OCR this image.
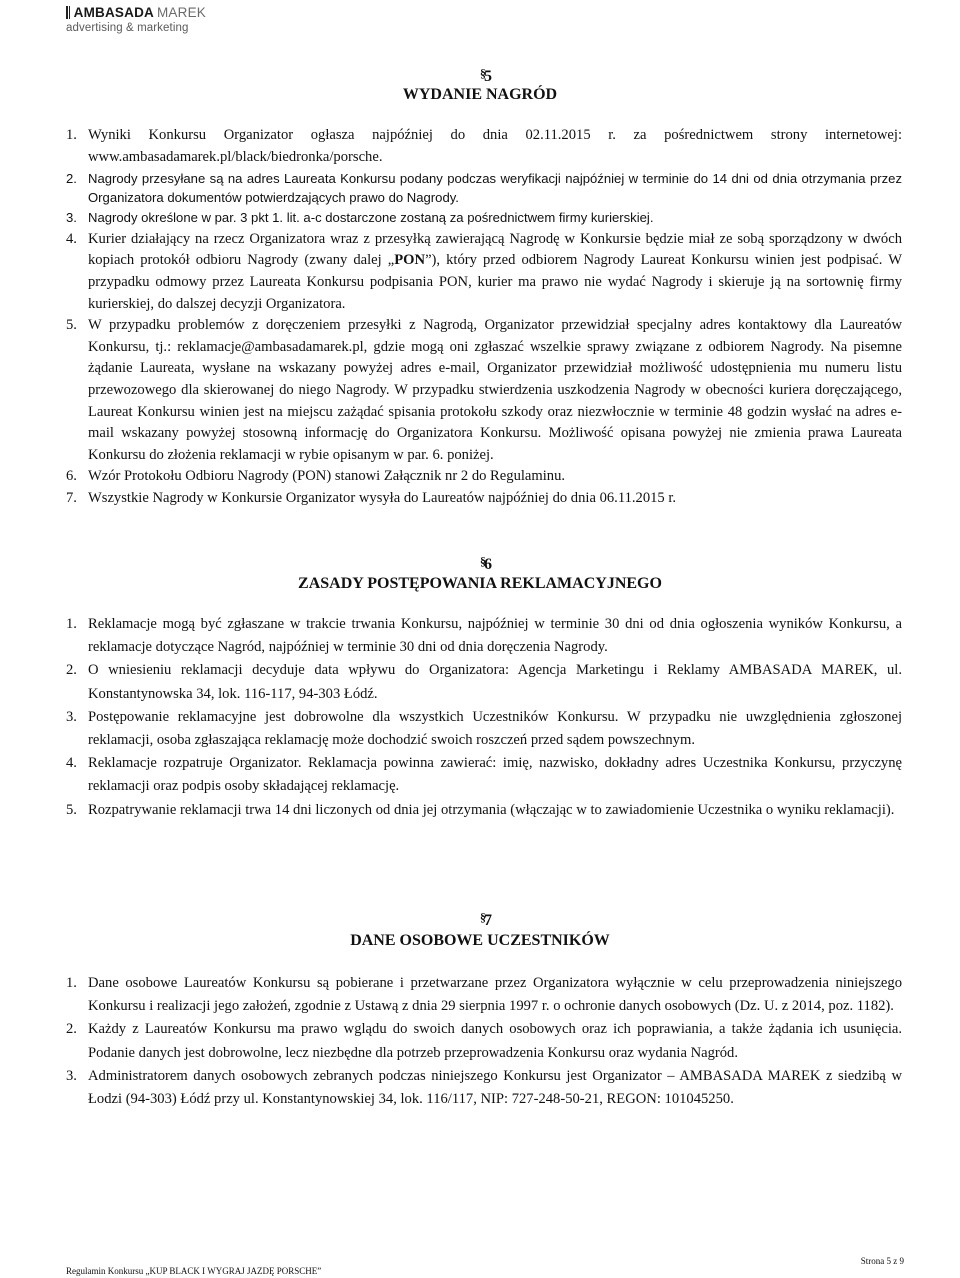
AMBASADA MAREK
advertising & marketing
§
5
WYDANIE NAGRÓD
1. Wyniki Konkursu Organizator ogłasza najpóźniej do dnia 02.11.2015 r. za pośrednictwem strony internetowej: www.ambasadamarek.pl/black/biedronka/porsche.
2. Nagrody przesyłane są na adres Laureata Konkursu podany podczas weryfikacji najpóźniej w terminie do 14 dni od dnia otrzymania przez Organizatora dokumentów potwierdzających prawo do Nagrody.
3. Nagrody określone w par. 3 pkt 1. lit. a-c dostarczone zostaną za pośrednictwem firmy kurierskiej.
4. Kurier działający na rzecz Organizatora wraz z przesyłką zawierającą Nagrodę w Konkursie będzie miał ze sobą sporządzony w dwóch kopiach protokół odbioru Nagrody (zwany dalej „PON”), który przed odbiorem Nagrody Laureat Konkursu winien jest podpisać. W przypadku odmowy przez Laureata Konkursu podpisania PON, kurier ma prawo nie wydać Nagrody i skieruje ją na sortownię firmy kurierskiej, do dalszej decyzji Organizatora.
5. W przypadku problemów z doręczeniem przesyłki z Nagrodą, Organizator przewidział specjalny adres kontaktowy dla Laureatów Konkursu, tj.: reklamacje@ambasadamarek.pl, gdzie mogą oni zgłaszać wszelkie sprawy związane z odbiorem Nagrody. Na pisemne żądanie Laureata, wysłane na wskazany powyżej adres e-mail, Organizator przewidział możliwość udostępnienia mu numeru listu przewozowego dla skierowanej do niego Nagrody. W przypadku stwierdzenia uszkodzenia Nagrody w obecności kuriera doręczającego, Laureat Konkursu winien jest na miejscu zażądać spisania protokołu szkody oraz niezwłocznie w terminie 48 godzin wysłać na adres e-mail wskazany powyżej stosowną informację do Organizatora Konkursu. Możliwość opisana powyżej nie zmienia prawa Laureata Konkursu do złożenia reklamacji w rybie opisanym w par. 6. poniżej.
6. Wzór Protokołu Odbioru Nagrody (PON) stanowi Załącznik nr 2 do Regulaminu.
7. Wszystkie Nagrody w Konkursie Organizator wysyła do Laureatów najpóźniej do dnia 06.11.2015 r.
§
6
ZASADY POSTĘPOWANIA REKLAMACYJNEGO
1. Reklamacje mogą być zgłaszane w trakcie trwania Konkursu, najpóźniej w terminie 30 dni od dnia ogłoszenia wyników Konkursu, a reklamacje dotyczące Nagród, najpóźniej w terminie 30 dni od dnia doręczenia Nagrody.
2. O wniesieniu reklamacji decyduje data wpływu do Organizatora: Agencja Marketingu i Reklamy AMBASADA MAREK, ul. Konstantynowska 34, lok. 116-117, 94-303 Łódź.
3. Postępowanie reklamacyjne jest dobrowolne dla wszystkich Uczestników Konkursu. W przypadku nie uwzględnienia zgłoszonej reklamacji, osoba zgłaszająca reklamację może dochodzić swoich roszczeń przed sądem powszechnym.
4. Reklamacje rozpatruje Organizator. Reklamacja powinna zawierać: imię, nazwisko, dokładny adres Uczestnika Konkursu, przyczynę reklamacji oraz podpis osoby składającej reklamację.
5. Rozpatrywanie reklamacji trwa 14 dni liczonych od dnia jej otrzymania (włączając w to zawiadomienie Uczestnika o wyniku reklamacji).
§
7
DANE OSOBOWE UCZESTNIKÓW
1. Dane osobowe Laureatów Konkursu są pobierane i przetwarzane przez Organizatora wyłącznie w celu przeprowadzenia niniejszego Konkursu i realizacji jego założeń, zgodnie z Ustawą z dnia 29 sierpnia 1997 r. o ochronie danych osobowych (Dz. U. z 2014, poz. 1182).
2. Każdy z Laureatów Konkursu ma prawo wglądu do swoich danych osobowych oraz ich poprawiania, a także żądania ich usunięcia. Podanie danych jest dobrowolne, lecz niezbędne dla potrzeb przeprowadzenia Konkursu oraz wydania Nagród.
3. Administratorem danych osobowych zebranych podczas niniejszego Konkursu jest Organizator – AMBASADA MAREK z siedzibą w Łodzi (94-303) Łódź przy ul. Konstantynowskiej 34, lok. 116/117, NIP: 727-248-50-21, REGON: 101045250.
Strona 5 z 9
Regulamin Konkursu „KUP BLACK I WYGRAJ JAZDĘ PORSCHE”
